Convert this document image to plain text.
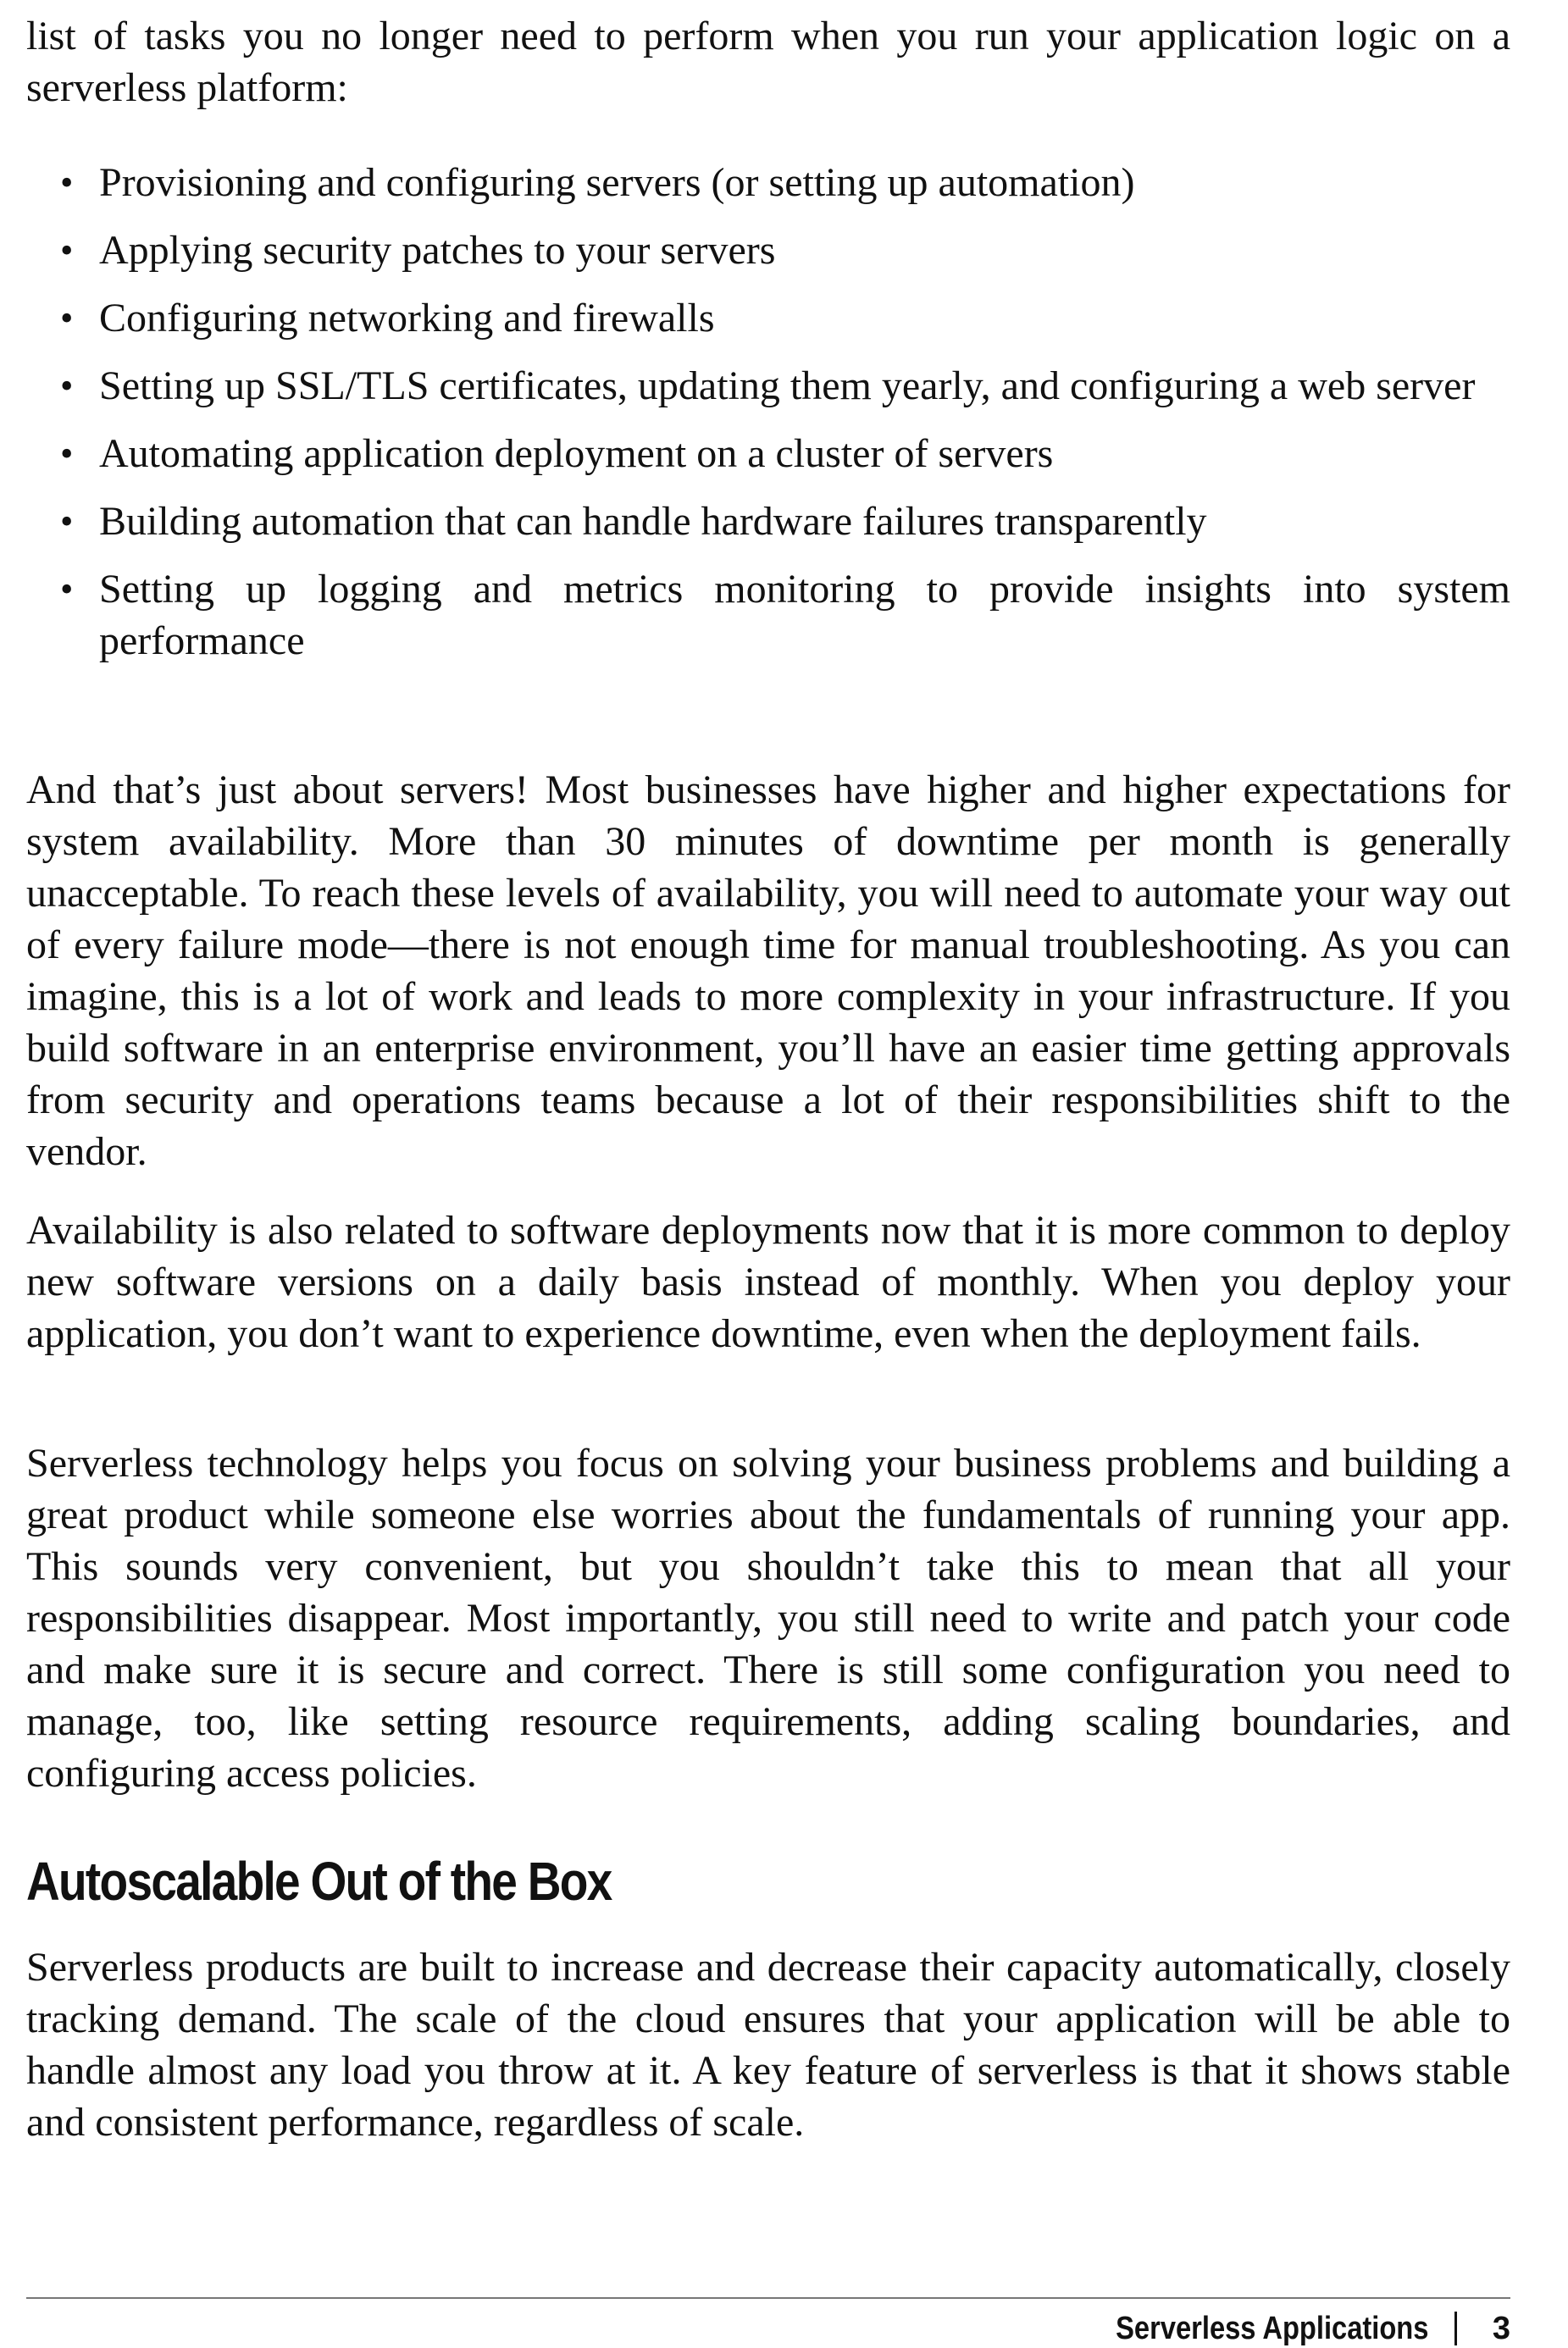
list of tasks you no longer need to perform when you run your application logic on a serverless platform:

• Provisioning and configuring servers (or setting up automation)
• Applying security patches to your servers
• Configuring networking and firewalls
• Setting up SSL/TLS certificates, updating them yearly, and configuring a web server
• Automating application deployment on a cluster of servers
• Building automation that can handle hardware failures transparently
• Setting up logging and metrics monitoring to provide insights into system performance

And that’s just about servers! Most businesses have higher and higher expectations for system availability. More than 30 minutes of downtime per month is generally unacceptable. To reach these levels of availability, you will need to automate your way out of every failure mode—there is not enough time for manual troubleshooting. As you can imagine, this is a lot of work and leads to more complexity in your infrastructure. If you build software in an enterprise environment, you’ll have an easier time getting approvals from security and operations teams because a lot of their responsibilities shift to the vendor.

Availability is also related to software deployments now that it is more common to deploy new software versions on a daily basis instead of monthly. When you deploy your application, you don’t want to experience downtime, even when the deployment fails.

Serverless technology helps you focus on solving your business problems and building a great product while someone else worries about the fundamentals of running your app. This sounds very convenient, but you shouldn’t take this to mean that all your responsibilities disappear. Most importantly, you still need to write and patch your code and make sure it is secure and correct. There is still some configuration you need to manage, too, like setting resource requirements, adding scaling boundaries, and configuring access policies.

Autoscalable Out of the Box

Serverless products are built to increase and decrease their capacity automatically, closely tracking demand. The scale of the cloud ensures that your application will be able to handle almost any load you throw at it. A key feature of serverless is that it shows stable and consistent performance, regardless of scale.

Serverless Applications 3
